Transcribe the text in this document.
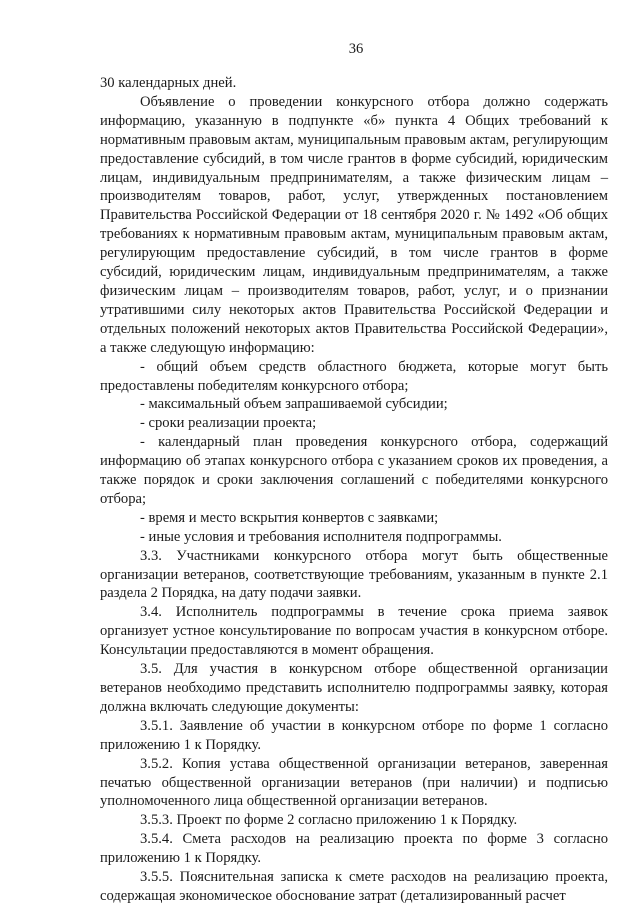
36

30 календарных дней.

Объявление о проведении конкурсного отбора должно содержать информацию, указанную в подпункте «б» пункта 4 Общих требований к нормативным правовым актам, муниципальным правовым актам, регулирующим предоставление субсидий, в том числе грантов в форме субсидий, юридическим лицам, индивидуальным предпринимателям, а также физическим лицам – производителям товаров, работ, услуг, утвержденных постановлением Правительства Российской Федерации от 18 сентября 2020 г. № 1492 «Об общих требованиях к нормативным правовым актам, муниципальным правовым актам, регулирующим предоставление субсидий, в том числе грантов в форме субсидий, юридическим лицам, индивидуальным предпринимателям, а также физическим лицам – производителям товаров, работ, услуг, и о признании утратившими силу некоторых актов Правительства Российской Федерации и отдельных положений некоторых актов Правительства Российской Федерации», а также следующую информацию:

- общий объем средств областного бюджета, которые могут быть предоставлены победителям конкурсного отбора;

- максимальный объем запрашиваемой субсидии;

- сроки реализации проекта;

- календарный план проведения конкурсного отбора, содержащий информацию об этапах конкурсного отбора с указанием сроков их проведения, а также порядок и сроки заключения соглашений с победителями конкурсного отбора;

- время и место вскрытия конвертов с заявками;

- иные условия и требования исполнителя подпрограммы.

3.3. Участниками конкурсного отбора могут быть общественные организации ветеранов, соответствующие требованиям, указанным в пункте 2.1 раздела 2 Порядка, на дату подачи заявки.

3.4. Исполнитель подпрограммы в течение срока приема заявок организует устное консультирование по вопросам участия в конкурсном отборе. Консультации предоставляются в момент обращения.

3.5. Для участия в конкурсном отборе общественной организации ветеранов необходимо представить исполнителю подпрограммы заявку, которая должна включать следующие документы:

3.5.1. Заявление об участии в конкурсном отборе по форме 1 согласно приложению 1 к Порядку.

3.5.2. Копия устава общественной организации ветеранов, заверенная печатью общественной организации ветеранов (при наличии) и подписью уполномоченного лица общественной организации ветеранов.

3.5.3. Проект по форме 2 согласно приложению 1 к Порядку.

3.5.4. Смета расходов на реализацию проекта по форме 3 согласно приложению 1 к Порядку.

3.5.5. Пояснительная записка к смете расходов на реализацию проекта, содержащая экономическое обоснование затрат (детализированный расчет
